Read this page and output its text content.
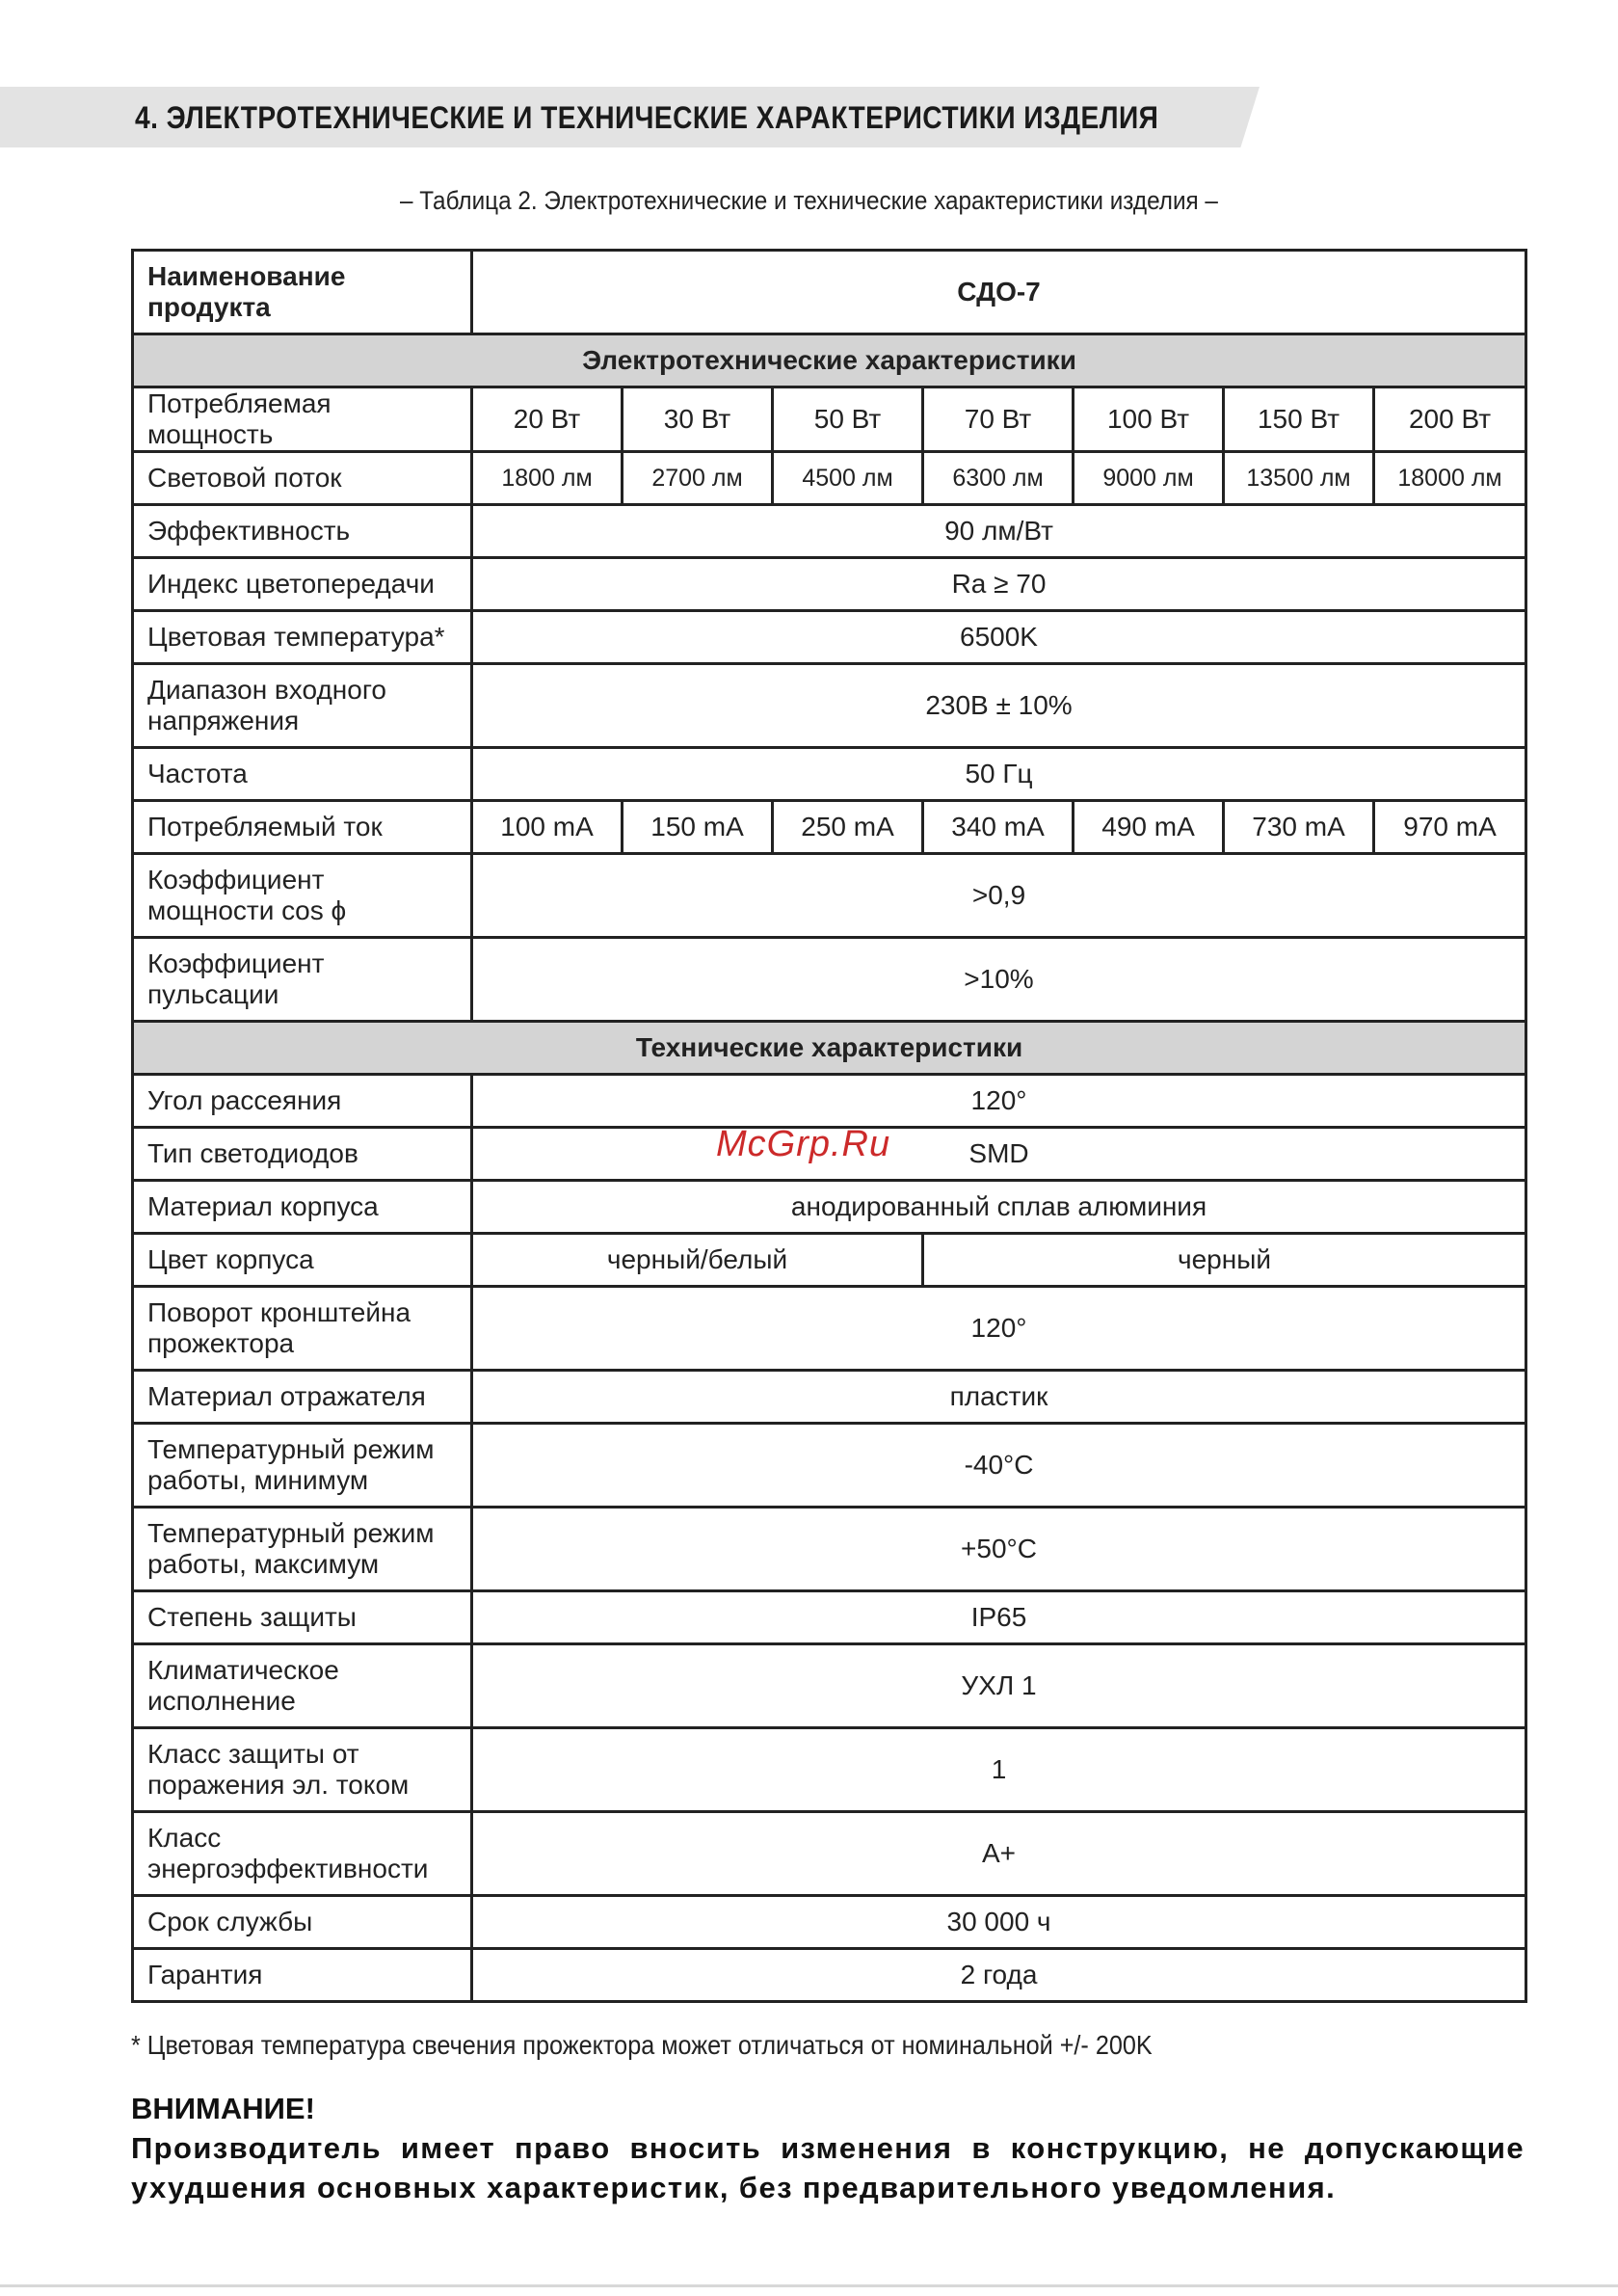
4. ЭЛЕКТРОТЕХНИЧЕСКИЕ И ТЕХНИЧЕСКИЕ ХАРАКТЕРИСТИКИ ИЗДЕЛИЯ
– Таблица 2. Электротехнические и технические характеристики изделия –
Наименование продукта	СДО-7						
Электротехнические характеристики							
Потребляемая мощность	20 Вт	30 Вт	50 Вт	70 Вт	100 Вт	150 Вт	200 Вт
Световой поток	1800 лм	2700 лм	4500 лм	6300 лм	9000 лм	13500 лм	18000 лм
Эффективность	90 лм/Вт						
Индекс цветопередачи	Ra ≥ 70						
Цветовая температура*	6500K						
Диапазон входного напряжения	230В ± 10%						
Частота	50 Гц						
Потребляемый ток	100 mA	150 mA	250 mA	340 mA	490 mA	730 mA	970 mA
Коэффициент мощности cos ϕ	>0,9						
Коэффициент пульсации	>10%						
Технические характеристики							
Угол рассеяния	120°						
Тип светодиодов	SMD						
Материал корпуса	анодированный сплав алюминия						
Цвет корпуса	черный/белый			черный			
Поворот кронштейна прожектора	120°						
Материал отражателя	пластик						
Температурный режим работы, минимум	-40°C						
Температурный режим работы, максимум	+50°C						
Степень защиты	IP65						
Климатическое исполнение	УХЛ 1						
Класс защиты от поражения эл. током	1						
Класс энергоэффективности	A+						
Срок службы	30 000 ч						
Гарантия	2 года						
McGrp.Ru
* Цветовая температура свечения прожектора может отличаться от номинальной +/- 200K
ВНИМАНИЕ!
Производитель имеет право вносить изменения в конструкцию, не допускающие ухудшения основных характеристик, без предварительного уведомления.
